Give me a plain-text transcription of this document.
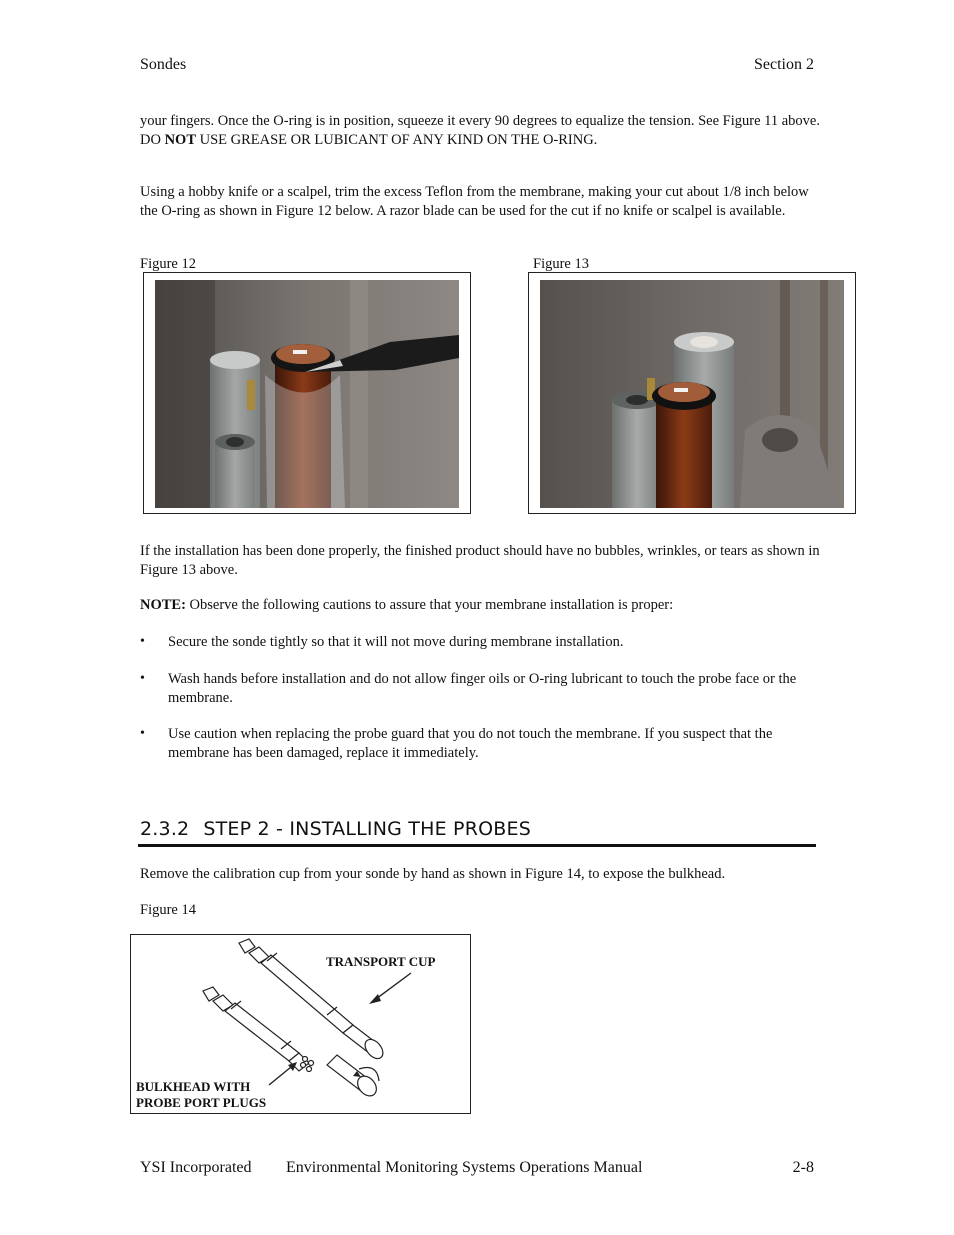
Sondes	Section 2

your fingers. Once the O-ring is in position, squeeze it every 90 degrees to equalize the tension. See Figure 11 above. DO NOT USE GREASE OR LUBICANT OF ANY KIND ON THE O-RING.

Using a hobby knife or a scalpel, trim the excess Teflon from the membrane, making your cut about 1/8 inch below the O-ring as shown in Figure 12 below. A razor blade can be used for the cut if no knife or scalpel is available.

Figure 12	Figure 13

If the installation has been done properly, the finished product should have no bubbles, wrinkles, or tears as shown in Figure 13 above.

NOTE: Observe the following cautions to assure that your membrane installation is proper:

• Secure the sonde tightly so that it will not move during membrane installation.
• Wash hands before installation and do not allow finger oils or O-ring lubricant to touch the probe face or the membrane.
• Use caution when replacing the probe guard that you do not touch the membrane. If you suspect that the membrane has been damaged, replace it immediately.
2.3.2 STEP 2 - INSTALLING THE PROBES

Remove the calibration cup from your sonde by hand as shown in Figure 14, to expose the bulkhead.

Figure 14
TRANSPORT CUP
BULKHEAD WITH
PROBE PORT PLUGS
YSI Incorporated Environmental Monitoring Systems Operations Manual	2-8
